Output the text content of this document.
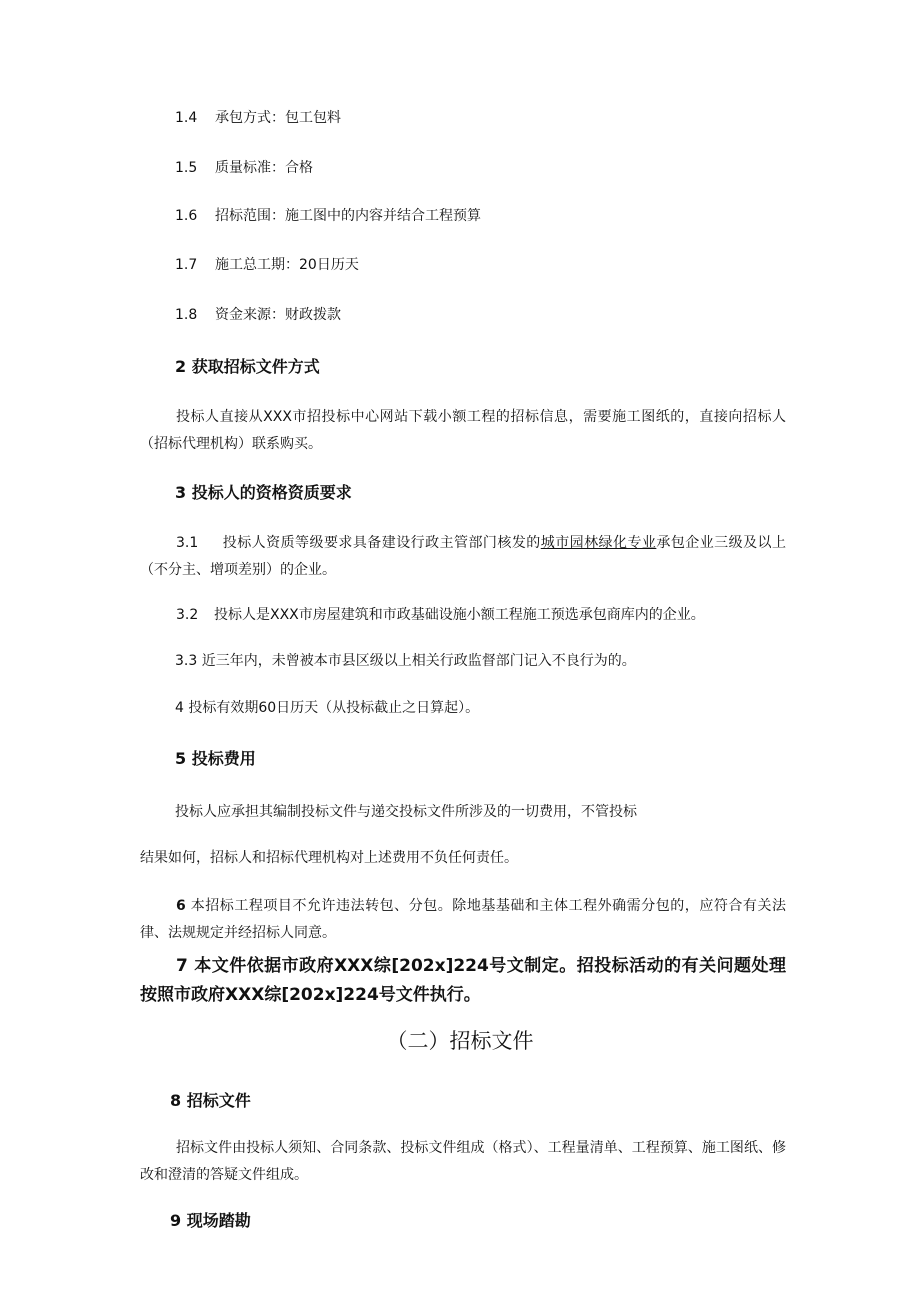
1.4 承包方式：包工包料
1.5 质量标准：合格
1.6 招标范围：施工图中的内容并结合工程预算
1.7 施工总工期：20日历天
1.8 资金来源：财政拨款
2 获取招标文件方式
投标人直接从XXX市招投标中心网站下载小额工程的招标信息，需要施工图纸的，直接向招标人（招标代理机构）联系购买。
3 投标人的资格资质要求
3.1 投标人资质等级要求具备建设行政主管部门核发的城市园林绿化专业承包企业三级及以上（不分主、增项差别）的企业。
3.2 投标人是XXX市房屋建筑和市政基础设施小额工程施工预选承包商库内的企业。
3.3 近三年内，未曾被本市县区级以上相关行政监督部门记入不良行为的。
4 投标有效期60日历天（从投标截止之日算起）。
5 投标费用
投标人应承担其编制投标文件与递交投标文件所涉及的一切费用，不管投标
结果如何，招标人和招标代理机构对上述费用不负任何责任。
6 本招标工程项目不允许违法转包、分包。除地基基础和主体工程外确需分包的，应符合有关法律、法规规定并经招标人同意。
7 本文件依据市政府XXX综[202x]224号文制定。招投标活动的有关问题处理按照市政府XXX综[202x]224号文件执行。
（二）招标文件
8 招标文件
招标文件由投标人须知、合同条款、投标文件组成（格式）、工程量清单、工程预算、施工图纸、修改和澄清的答疑文件组成。
9 现场踏勘
